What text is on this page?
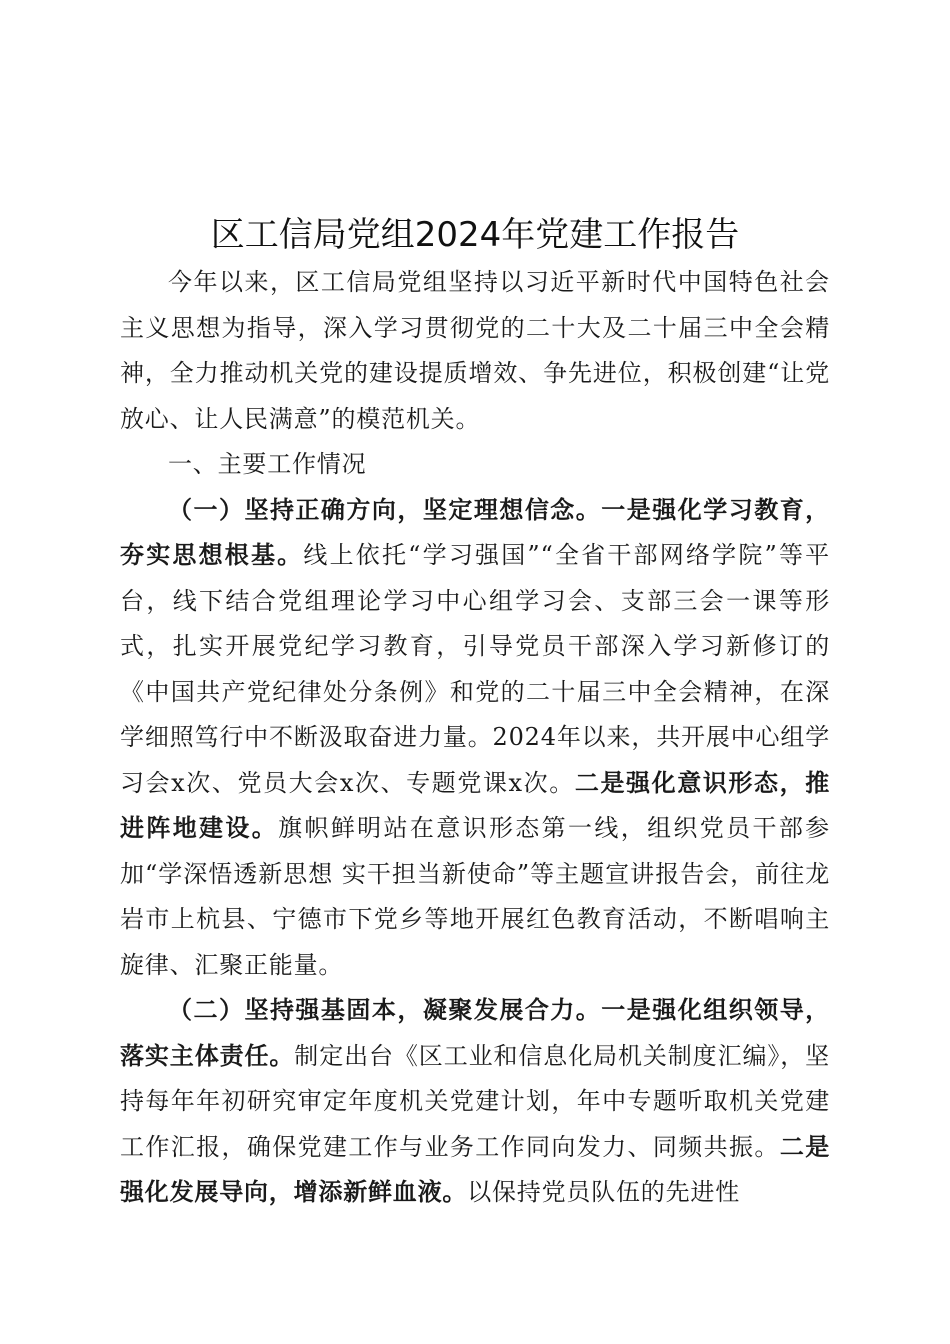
区工信局党组2024年党建工作报告

今年以来，区工信局党组坚持以习近平新时代中国特色社会主义思想为指导，深入学习贯彻党的二十大及二十届三中全会精神，全力推动机关党的建设提质增效、争先进位，积极创建“让党放心、让人民满意”的模范机关。

一、主要工作情况

（一）坚持正确方向，坚定理想信念。一是强化学习教育，夯实思想根基。线上依托“学习强国”“全省干部网络学院”等平台，线下结合党组理论学习中心组学习会、支部三会一课等形式，扎实开展党纪学习教育，引导党员干部深入学习新修订的《中国共产党纪律处分条例》和党的二十届三中全会精神，在深学细照笃行中不断汲取奋进力量。2024年以来，共开展中心组学习会x次、党员大会x次、专题党课x次。二是强化意识形态，推进阵地建设。旗帜鲜明站在意识形态第一线，组织党员干部参加“学深悟透新思想 实干担当新使命”等主题宣讲报告会，前往龙岩市上杭县、宁德市下党乡等地开展红色教育活动，不断唱响主旋律、汇聚正能量。

（二）坚持强基固本，凝聚发展合力。一是强化组织领导，落实主体责任。制定出台《区工业和信息化局机关制度汇编》，坚持每年年初研究审定年度机关党建计划，年中专题听取机关党建工作汇报，确保党建工作与业务工作同向发力、同频共振。二是强化发展导向，增添新鲜血液。以保持党员队伍的先进性
